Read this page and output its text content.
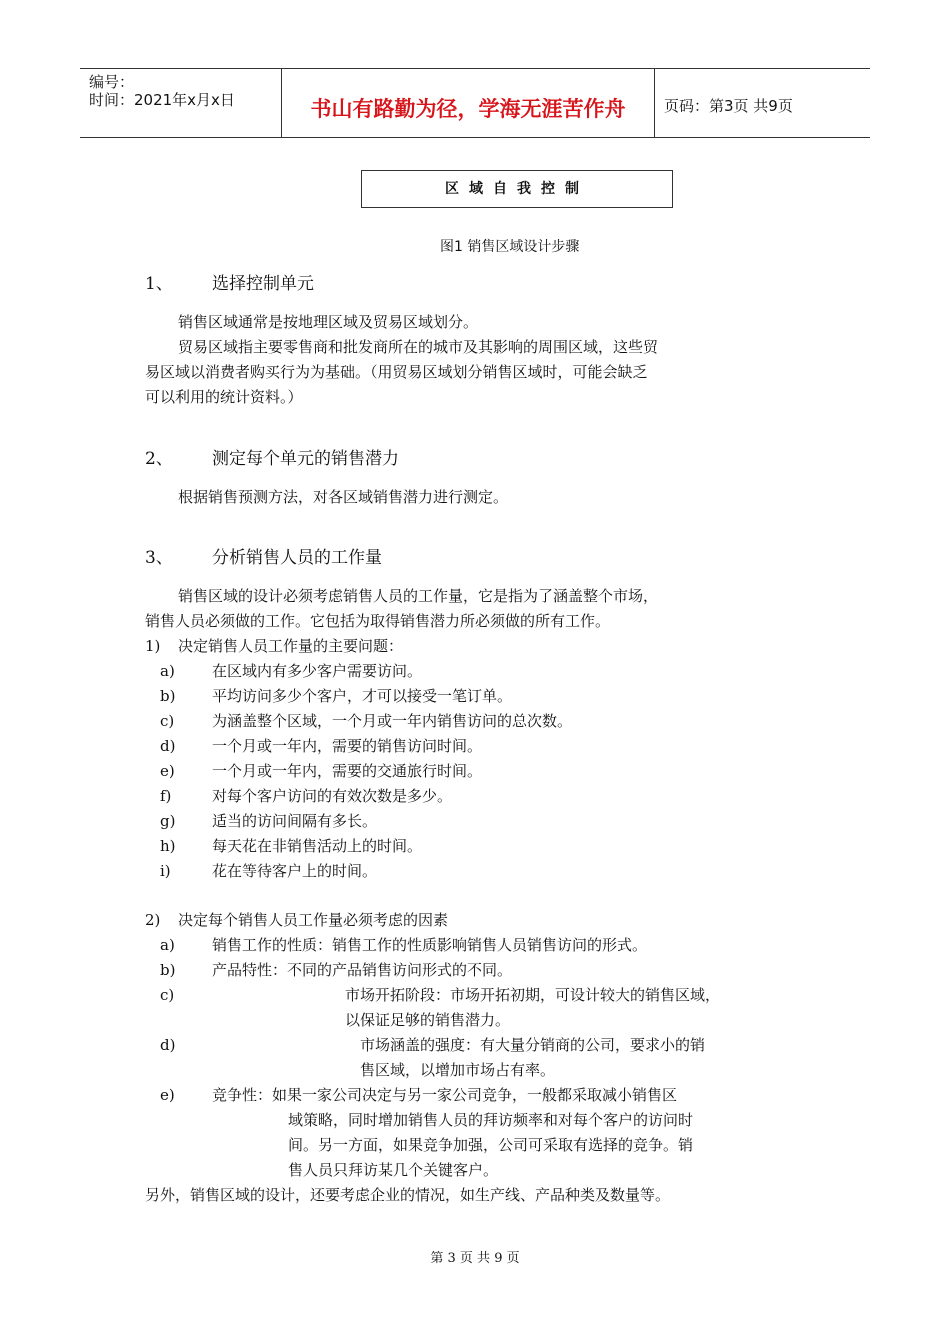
编号：
时间：2021年x月x日	书山有路勤为径，学海无涯苦作舟	页码：第3页 共9页
区域自我控制
图1 销售区域设计步骤
1、 选择控制单元
销售区域通常是按地理区域及贸易区域划分。
贸易区域指主要零售商和批发商所在的城市及其影响的周围区域，这些贸
易区域以消费者购买行为为基础。（用贸易区域划分销售区域时，可能会缺乏
可以利用的统计资料。）
2、 测定每个单元的销售潜力
根据销售预测方法，对各区域销售潜力进行测定。
3、 分析销售人员的工作量
销售区域的设计必须考虑销售人员的工作量，它是指为了涵盖整个市场，
销售人员必须做的工作。它包括为取得销售潜力所必须做的所有工作。
1) 决定销售人员工作量的主要问题：
a) 在区域内有多少客户需要访问。
b) 平均访问多少个客户，才可以接受一笔订单。
c)	为涵盖整个区域，一个月或一年内销售访问的总次数。
d) 一个月或一年内，需要的销售访问时间。
e) 一个月或一年内，需要的交通旅行时间。
f)	对每个客户访问的有效次数是多少。
g) 适当的访问间隔有多长。
h) 每天花在非销售活动上的时间。
i)	花在等待客户上的时间。
2) 决定每个销售人员工作量必须考虑的因素
a) 销售工作的性质：销售工作的性质影响销售人员销售访问的形式。
b) 产品特性：不同的产品销售访问形式的不同。
c)	市场开拓阶段：市场开拓初期，可设计较大的销售区域，
以保证足够的销售潜力。
d)	市场涵盖的强度：有大量分销商的公司，要求小的销
售区域，以增加市场占有率。
e) 竞争性：如果一家公司决定与另一家公司竞争，一般都采取减小销售区
域策略，同时增加销售人员的拜访频率和对每个客户的访问时
间。另一方面，如果竞争加强，公司可采取有选择的竞争。销
售人员只拜访某几个关键客户。
另外，销售区域的设计，还要考虑企业的情况，如生产线、产品种类及数量等。
第 3 页 共 9 页
